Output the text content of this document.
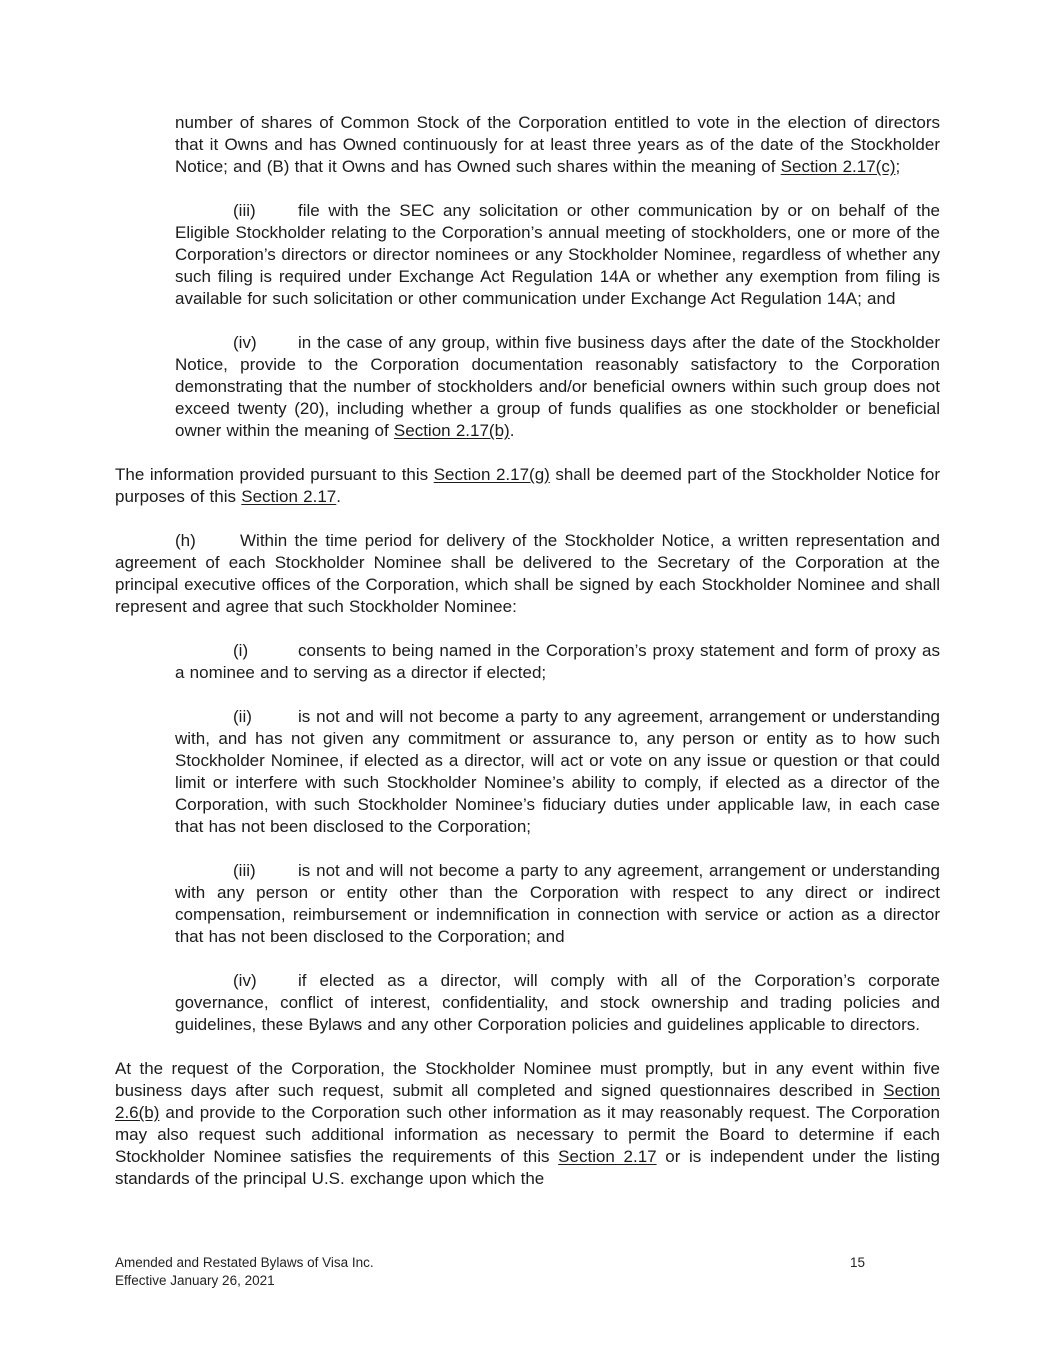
number of shares of Common Stock of the Corporation entitled to vote in the election of directors that it Owns and has Owned continuously for at least three years as of the date of the Stockholder Notice; and (B) that it Owns and has Owned such shares within the meaning of Section 2.17(c);

(iii) file with the SEC any solicitation or other communication by or on behalf of the Eligible Stockholder relating to the Corporation’s annual meeting of stockholders, one or more of the Corporation’s directors or director nominees or any Stockholder Nominee, regardless of whether any such filing is required under Exchange Act Regulation 14A or whether any exemption from filing is available for such solicitation or other communication under Exchange Act Regulation 14A; and

(iv) in the case of any group, within five business days after the date of the Stockholder Notice, provide to the Corporation documentation reasonably satisfactory to the Corporation demonstrating that the number of stockholders and/or beneficial owners within such group does not exceed twenty (20), including whether a group of funds qualifies as one stockholder or beneficial owner within the meaning of Section 2.17(b).

The information provided pursuant to this Section 2.17(g) shall be deemed part of the Stockholder Notice for purposes of this Section 2.17.

(h)	Within the time period for delivery of the Stockholder Notice, a written representation and agreement of each Stockholder Nominee shall be delivered to the Secretary of the Corporation at the principal executive offices of the Corporation, which shall be signed by each Stockholder Nominee and shall represent and agree that such Stockholder Nominee:

(i)	consents to being named in the Corporation’s proxy statement and form of proxy as a nominee and to serving as a director if elected;

(ii)	is not and will not become a party to any agreement, arrangement or understanding with, and has not given any commitment or assurance to, any person or entity as to how such Stockholder Nominee, if elected as a director, will act or vote on any issue or question or that could limit or interfere with such Stockholder Nominee’s ability to comply, if elected as a director of the Corporation, with such Stockholder Nominee’s fiduciary duties under applicable law, in each case that has not been disclosed to the Corporation;

(iii) is not and will not become a party to any agreement, arrangement or understanding with any person or entity other than the Corporation with respect to any direct or indirect compensation, reimbursement or indemnification in connection with service or action as a director that has not been disclosed to the Corporation; and

(iv) if elected as a director, will comply with all of the Corporation’s corporate governance, conflict of interest, confidentiality, and stock ownership and trading policies and guidelines, these Bylaws and any other Corporation policies and guidelines applicable to directors.

At the request of the Corporation, the Stockholder Nominee must promptly, but in any event within five business days after such request, submit all completed and signed questionnaires described in Section 2.6(b) and provide to the Corporation such other information as it may reasonably request. The Corporation may also request such additional information as necessary to permit the Board to determine if each Stockholder Nominee satisfies the requirements of this Section 2.17 or is independent under the listing standards of the principal U.S. exchange upon which the

Amended and Restated Bylaws of Visa Inc.
Effective January 26, 2021
15
